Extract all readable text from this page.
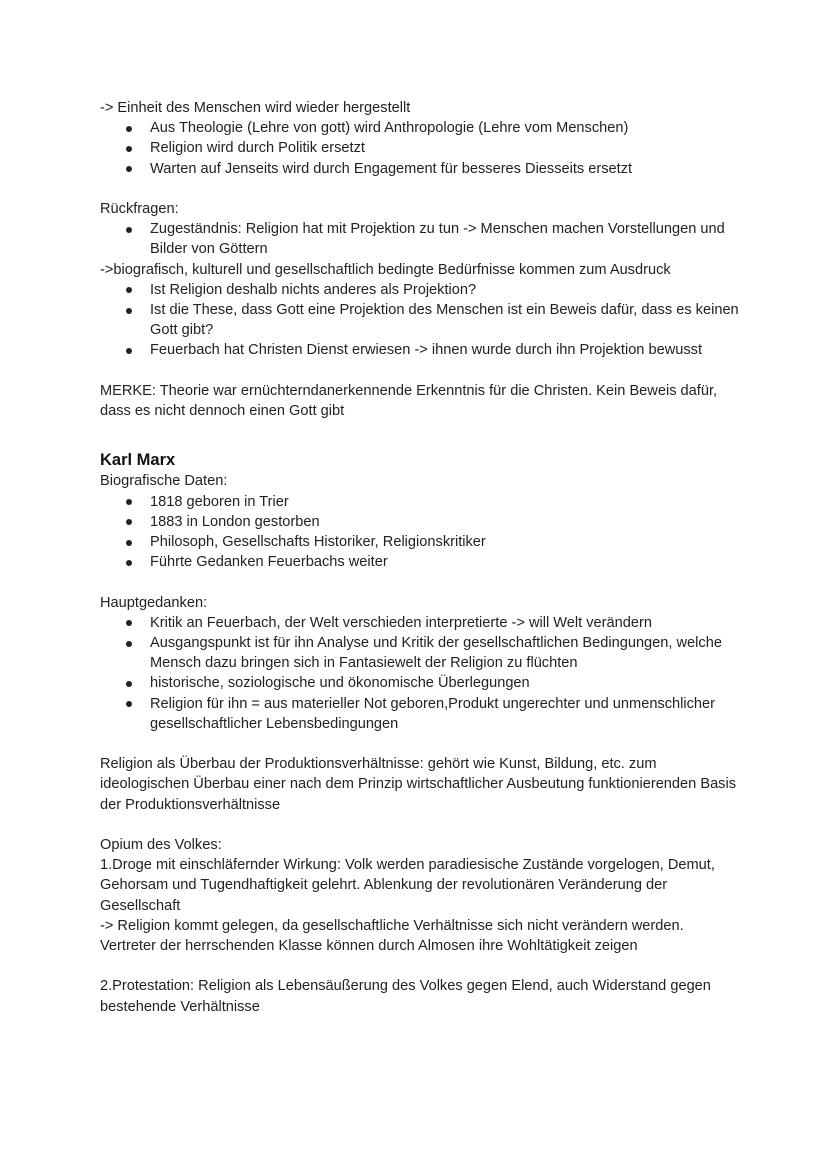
-> Einheit des Menschen wird wieder hergestellt

Aus Theologie (Lehre von gott) wird Anthropologie (Lehre vom Menschen)
Religion wird durch Politik ersetzt
Warten auf Jenseits wird durch Engagement für besseres Diesseits ersetzt

Rückfragen:

Zugeständnis: Religion hat mit Projektion zu tun -> Menschen machen Vorstellungen und Bilder von Göttern

->biografisch, kulturell und gesellschaftlich bedingte Bedürfnisse kommen zum Ausdruck

Ist Religion deshalb nichts anderes als Projektion?
Ist die These, dass Gott eine Projektion des Menschen ist ein Beweis dafür, dass es keinen Gott gibt?
Feuerbach hat Christen Dienst erwiesen -> ihnen wurde durch ihn Projektion bewusst

MERKE: Theorie war ernüchterndanerkennende Erkenntnis für die Christen. Kein Beweis dafür, dass es nicht dennoch einen Gott gibt

Karl Marx

Biografische Daten:

1818 geboren in Trier
1883 in London gestorben
Philosoph, Gesellschafts Historiker, Religionskritiker
Führte Gedanken Feuerbachs weiter

Hauptgedanken:

Kritik an Feuerbach, der Welt verschieden interpretierte -> will Welt verändern
Ausgangspunkt ist für ihn Analyse und Kritik der gesellschaftlichen Bedingungen, welche Mensch dazu bringen sich in Fantasiewelt der Religion zu flüchten
historische, soziologische und ökonomische Überlegungen
Religion für ihn = aus materieller Not geboren,Produkt ungerechter und unmenschlicher gesellschaftlicher Lebensbedingungen

Religion als Überbau der Produktionsverhältnisse: gehört wie Kunst, Bildung, etc. zum ideologischen Überbau einer nach dem Prinzip wirtschaftlicher Ausbeutung funktionierenden Basis der Produktionsverhältnisse

Opium des Volkes:

1.Droge mit einschläfernder Wirkung: Volk werden paradiesische Zustände vorgelogen, Demut, Gehorsam und Tugendhaftigkeit gelehrt. Ablenkung der revolutionären Veränderung der Gesellschaft

-> Religion kommt gelegen, da gesellschaftliche Verhältnisse sich nicht verändern werden. Vertreter der herrschenden Klasse können durch Almosen ihre Wohltätigkeit zeigen

2.Protestation: Religion als Lebensäußerung des Volkes gegen Elend, auch Widerstand gegen bestehende Verhältnisse
